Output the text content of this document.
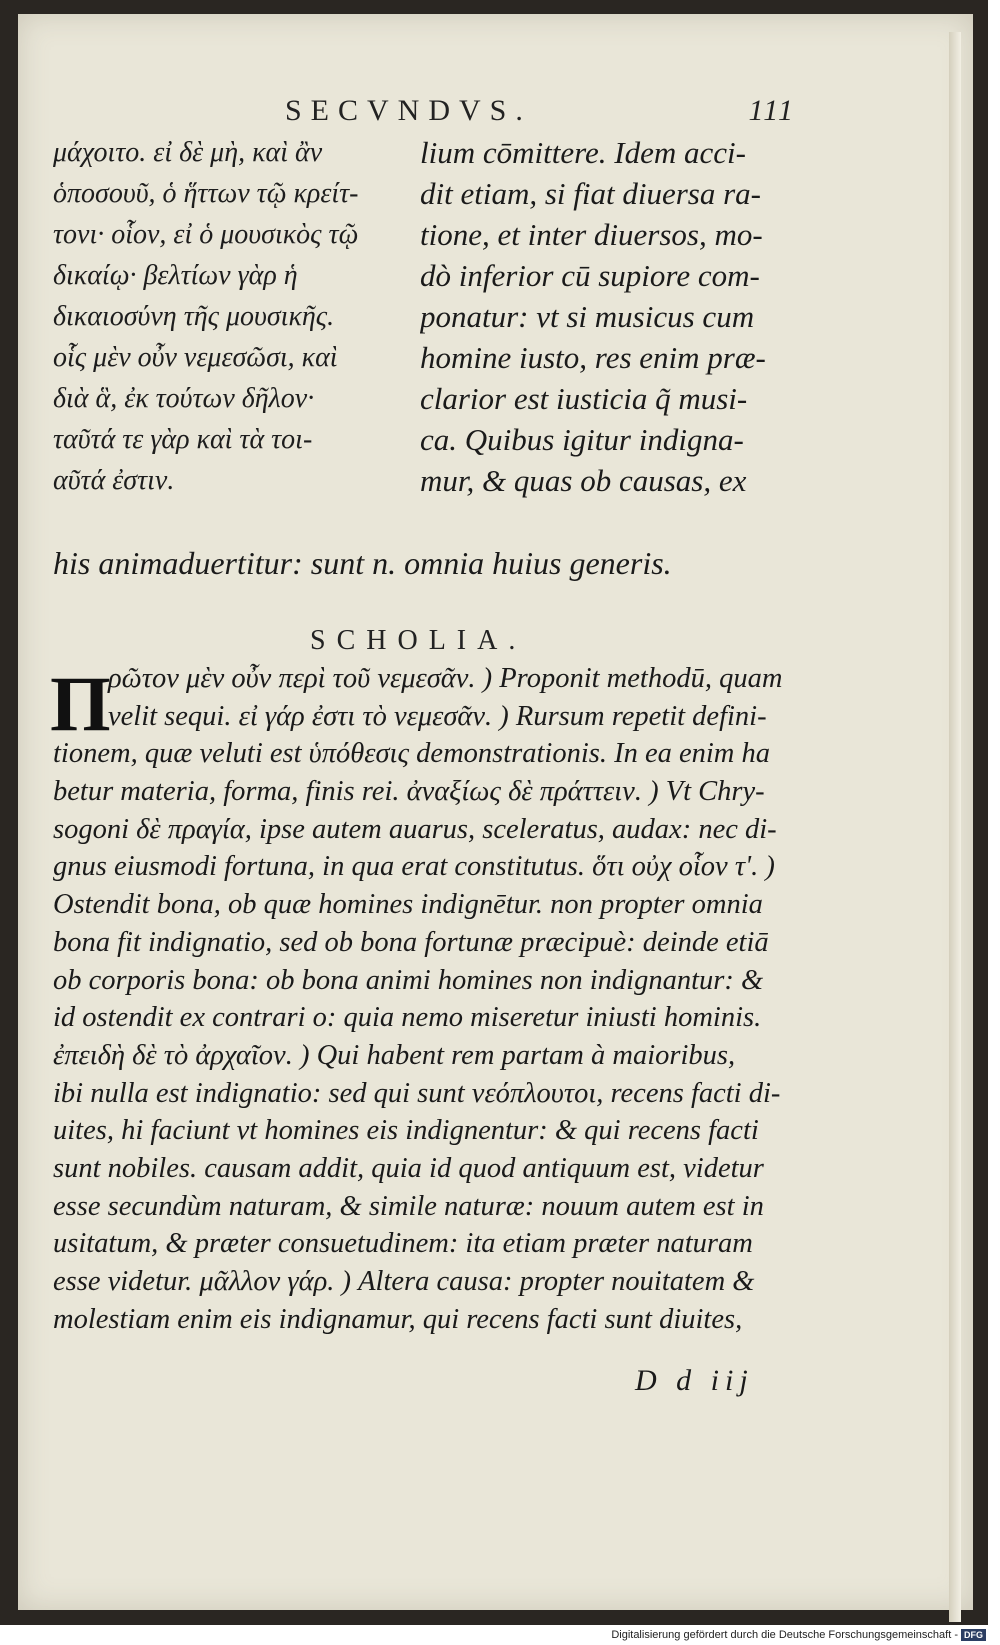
SECVNDVS.	111
μάχοιτο. εἰ δὲ μὴ, καὶ ἂν
ὁποσουῦ, ὁ ἥττων τῷ κρείτ-
τονι· οἷον, εἰ ὁ μουσικὸς τῷ
δικαίῳ· βελτίων γὰρ ἡ
δικαιοσύνη τῆς μουσικῆς.
οἷς μὲν οὖν νεμεσῶσι, καὶ
διὰ ἃ, ἐκ τούτων δῆλον·
ταῦτά τε γὰρ καὶ τὰ τοι-
αῦτά ἐστιν.
lium cōmittere. Idem acci-
dit etiam, si fiat diuersa ra-
tione, et inter diuersos, mo-
dò inferior cū supiore com-
ponatur: vt si musicus cum
homine iusto, res enim præ-
clarior est iusticia q̃ musi-
ca. Quibus igitur indigna-
mur, & quas ob causas, ex
his animaduertitur: sunt n. omnia huius generis.
SCHOLIA.
Π
ρῶτον μὲν οὖν περὶ τοῦ νεμεσᾶν. ) Proponit methodū, quam
velit sequi. εἰ γάρ ἐστι τὸ νεμεσᾶν. ) Rursum repetit defini-
tionem, quæ veluti est ὑπόθεσις demonstrationis. In ea enim ha
betur materia, forma, finis rei. ἀναξίως δὲ πράττειν. ) Vt Chry-
sogoni δὲ πραγία, ipse autem auarus, sceleratus, audax: nec di-
gnus eiusmodi fortuna, in qua erat constitutus. ὅτι οὐχ οἷον τ'. )
Ostendit bona, ob quæ homines indignētur. non propter omnia
bona fit indignatio, sed ob bona fortunæ præcipuè: deinde etiā
ob corporis bona: ob bona animi homines non indignantur: &
id ostendit ex contrari o: quia nemo miseretur iniusti hominis.
ἐπειδὴ δὲ τὸ ἀρχαῖον. ) Qui habent rem partam à maioribus,
ibi nulla est indignatio: sed qui sunt νεόπλουτοι, recens facti di-
uites, hi faciunt vt homines eis indignentur: & qui recens facti
sunt nobiles. causam addit, quia id quod antiquum est, videtur
esse secundùm naturam, & simile naturæ: nouum autem est in
usitatum, & præter consuetudinem: ita etiam præter naturam
esse videtur. μᾶλλον γάρ. ) Altera causa: propter nouitatem &
molestiam enim eis indignamur, qui recens facti sunt diuites,
D d iij
Digitalisierung gefördert durch die Deutsche Forschungsgemeinschaft - DFG
